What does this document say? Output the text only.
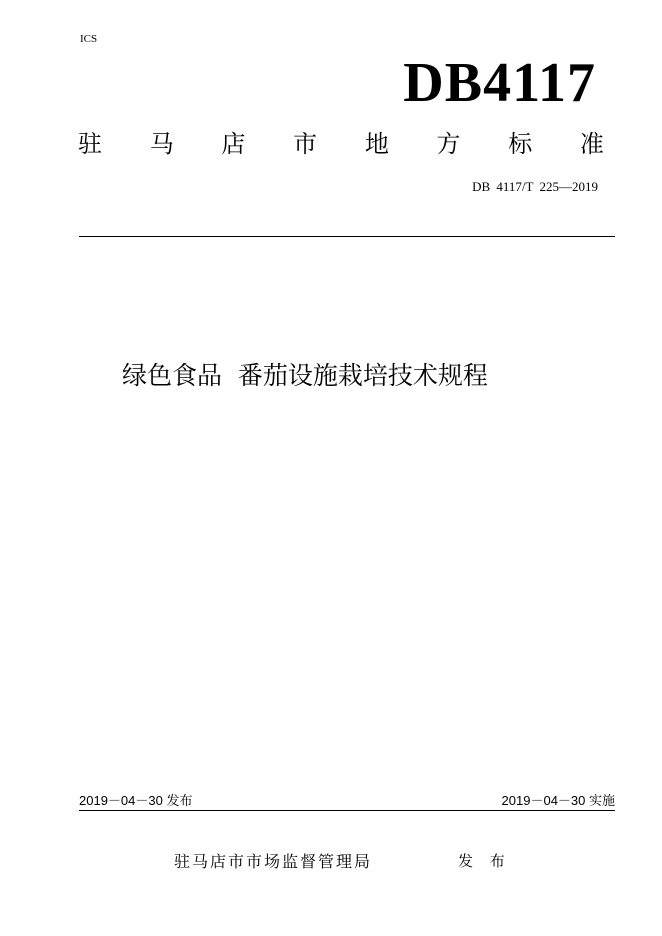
ICS
DB4117
驻 马 店 市 地 方 标 准
DB 4117/T 225—2019
绿色食品  番茄设施栽培技术规程
2019－04－30 发布	2019－04－30 实施
驻马店市市场监督管理局	发 布
